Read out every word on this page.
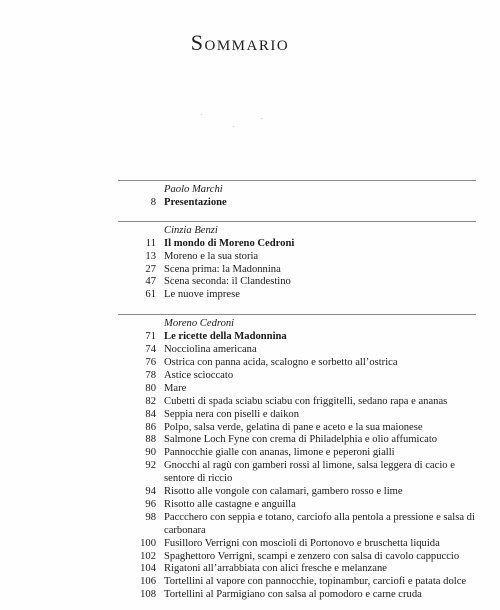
Sommario
·
·
·
·
Paolo Marchi
8 Presentazione
Cinzia Benzi
11 Il mondo di Moreno Cedroni
13 Moreno e la sua storia
27 Scena prima: la Madonnina
47 Scena seconda: il Clandestino
61 Le nuove imprese
Moreno Cedroni
71 Le ricette della Madonnina
74 Nocciolina americana
76 Ostrica con panna acida, scalogno e sorbetto all’ostrica
78 Astice scioccato
80 Mare
82 Cubetti di spada sciabu sciabu con friggitelli, sedano rapa e ananas
84 Seppia nera con piselli e daikon
86 Polpo, salsa verde, gelatina di pane e aceto e la sua maionese
88 Salmone Loch Fyne con crema di Philadelphia e olio affumicato
90 Pannocchie gialle con ananas, limone e peperoni gialli
92 Gnocchi al ragù con gamberi rossi al limone, salsa leggera di cacio e sentore di riccio
94 Risotto alle vongole con calamari, gambero rosso e lime
96 Risotto alle castagne e anguilla
98 Paccchero con seppia e totano, carciofo alla pentola a pressione e salsa di carbonara
100 Fusilloro Verrigni con moscioli di Portonovo e bruschetta liquida
102 Spaghettoro Verrigni, scampi e zenzero con salsa di cavolo cappuccio
104 Rigatoni all’arrabbiata con alici fresche e melanzane
106 Tortellini al vapore con pannocchie, topinambur, carciofi e patata dolce
108 Tortellini al Parmigiano con salsa al pomodoro e carne cruda
